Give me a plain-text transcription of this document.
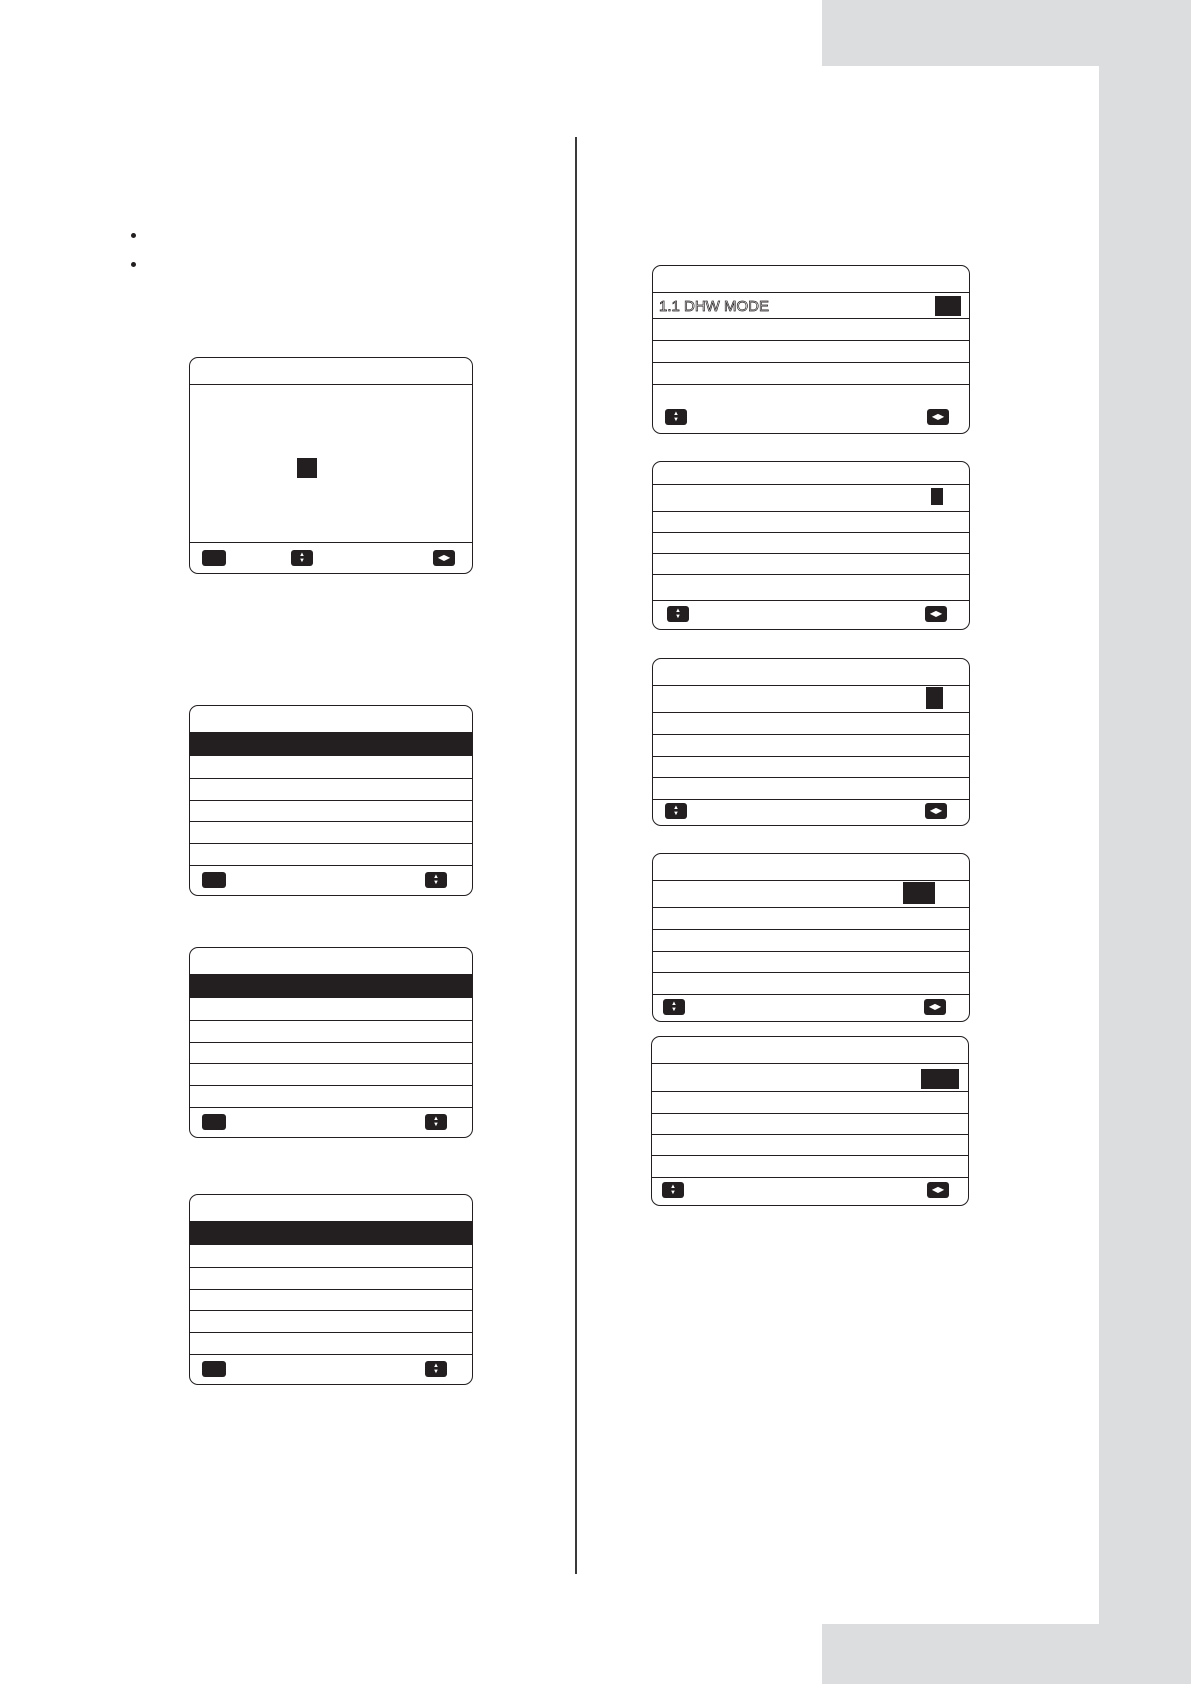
▲
▼	◀▶
▲
▼
▲
▼
▲
▼
1.1 DHW MODE
▲
▼	◀▶
▲
▼	◀▶
▲
▼	◀▶
▲
▼	◀▶
▲
▼	◀▶
